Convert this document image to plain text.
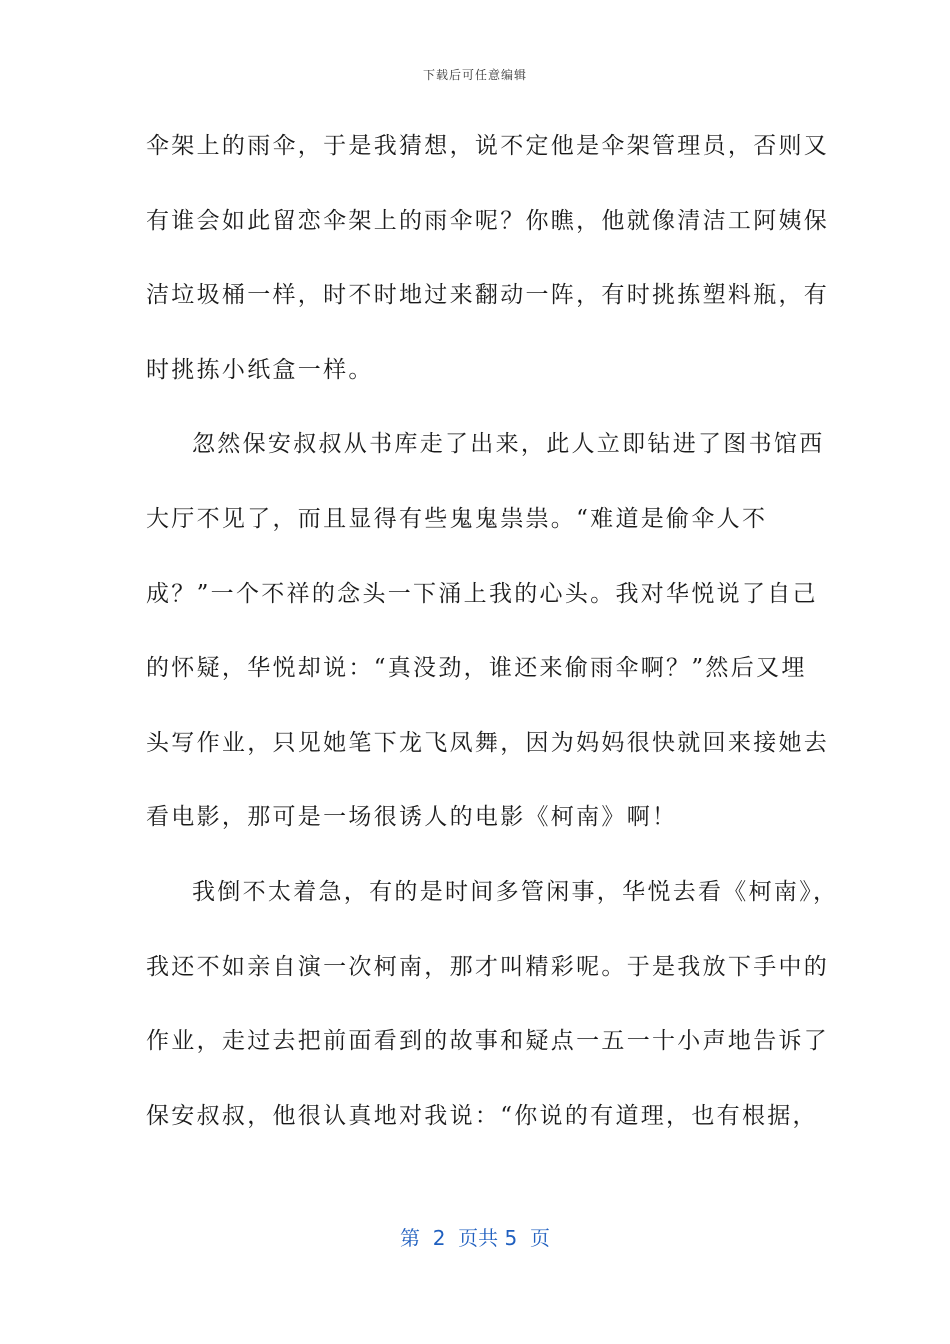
下载后可任意编辑
伞架上的雨伞，于是我猜想，说不定他是伞架管理员，否则又
有谁会如此留恋伞架上的雨伞呢？你瞧，他就像清洁工阿姨保
洁垃圾桶一样，时不时地过来翻动一阵，有时挑拣塑料瓶，有
时挑拣小纸盒一样。
忽然保安叔叔从书库走了出来，此人立即钻进了图书馆西
大厅不见了，而且显得有些鬼鬼祟祟。“难道是偷伞人不
成？”一个不祥的念头一下涌上我的心头。我对华悦说了自己
的怀疑，华悦却说：“真没劲，谁还来偷雨伞啊？”然后又埋
头写作业，只见她笔下龙飞凤舞，因为妈妈很快就回来接她去
看电影，那可是一场很诱人的电影《柯南》啊！
我倒不太着急，有的是时间多管闲事，华悦去看《柯南》，
我还不如亲自演一次柯南，那才叫精彩呢。于是我放下手中的
作业，走过去把前面看到的故事和疑点一五一十小声地告诉了
保安叔叔，他很认真地对我说：“你说的有道理，也有根据，
第  2  页共 5  页
